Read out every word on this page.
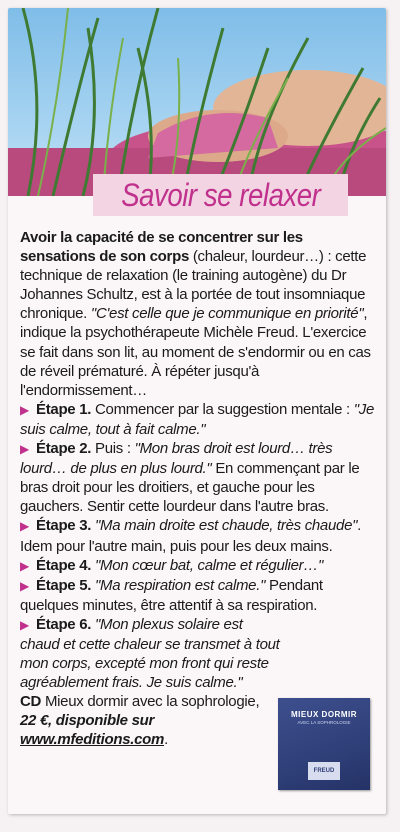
Savoir se relaxer

Avoir la capacité de se concentrer sur les sensations de son corps (chaleur, lourdeur…) : cette technique de relaxation (le training autogène) du Dr Johannes Schultz, est à la portée de tout insomniaque chronique. "C'est celle que je communique en priorité", indique la psychothérapeute Michèle Freud. L'exercice se fait dans son lit, au moment de s'endormir ou en cas de réveil prématuré. À répéter jusqu'à l'endormissement…

▶ Étape 1. Commencer par la suggestion mentale : "Je suis calme, tout à fait calme."

▶ Étape 2. Puis : "Mon bras droit est lourd… très lourd… de plus en plus lourd." En commençant par le bras droit pour les droitiers, et gauche pour les gauchers. Sentir cette lourdeur dans l'autre bras.

▶ Étape 3. "Ma main droite est chaude, très chaude". Idem pour l'autre main, puis pour les deux mains.

▶ Étape 4. "Mon cœur bat, calme et régulier…"

▶ Étape 5. "Ma respiration est calme." Pendant quelques minutes, être attentif à sa respiration.

▶ Étape 6. "Mon plexus solaire est chaud et cette chaleur se transmet à tout mon corps, excepté mon front qui reste agréablement frais. Je suis calme."

CD Mieux dormir avec la sophrologie, 22 €, disponible sur www.mfeditions.com.

MIEUX DORMIR
AVEC LA SOPHROLOGIE
FREUD
